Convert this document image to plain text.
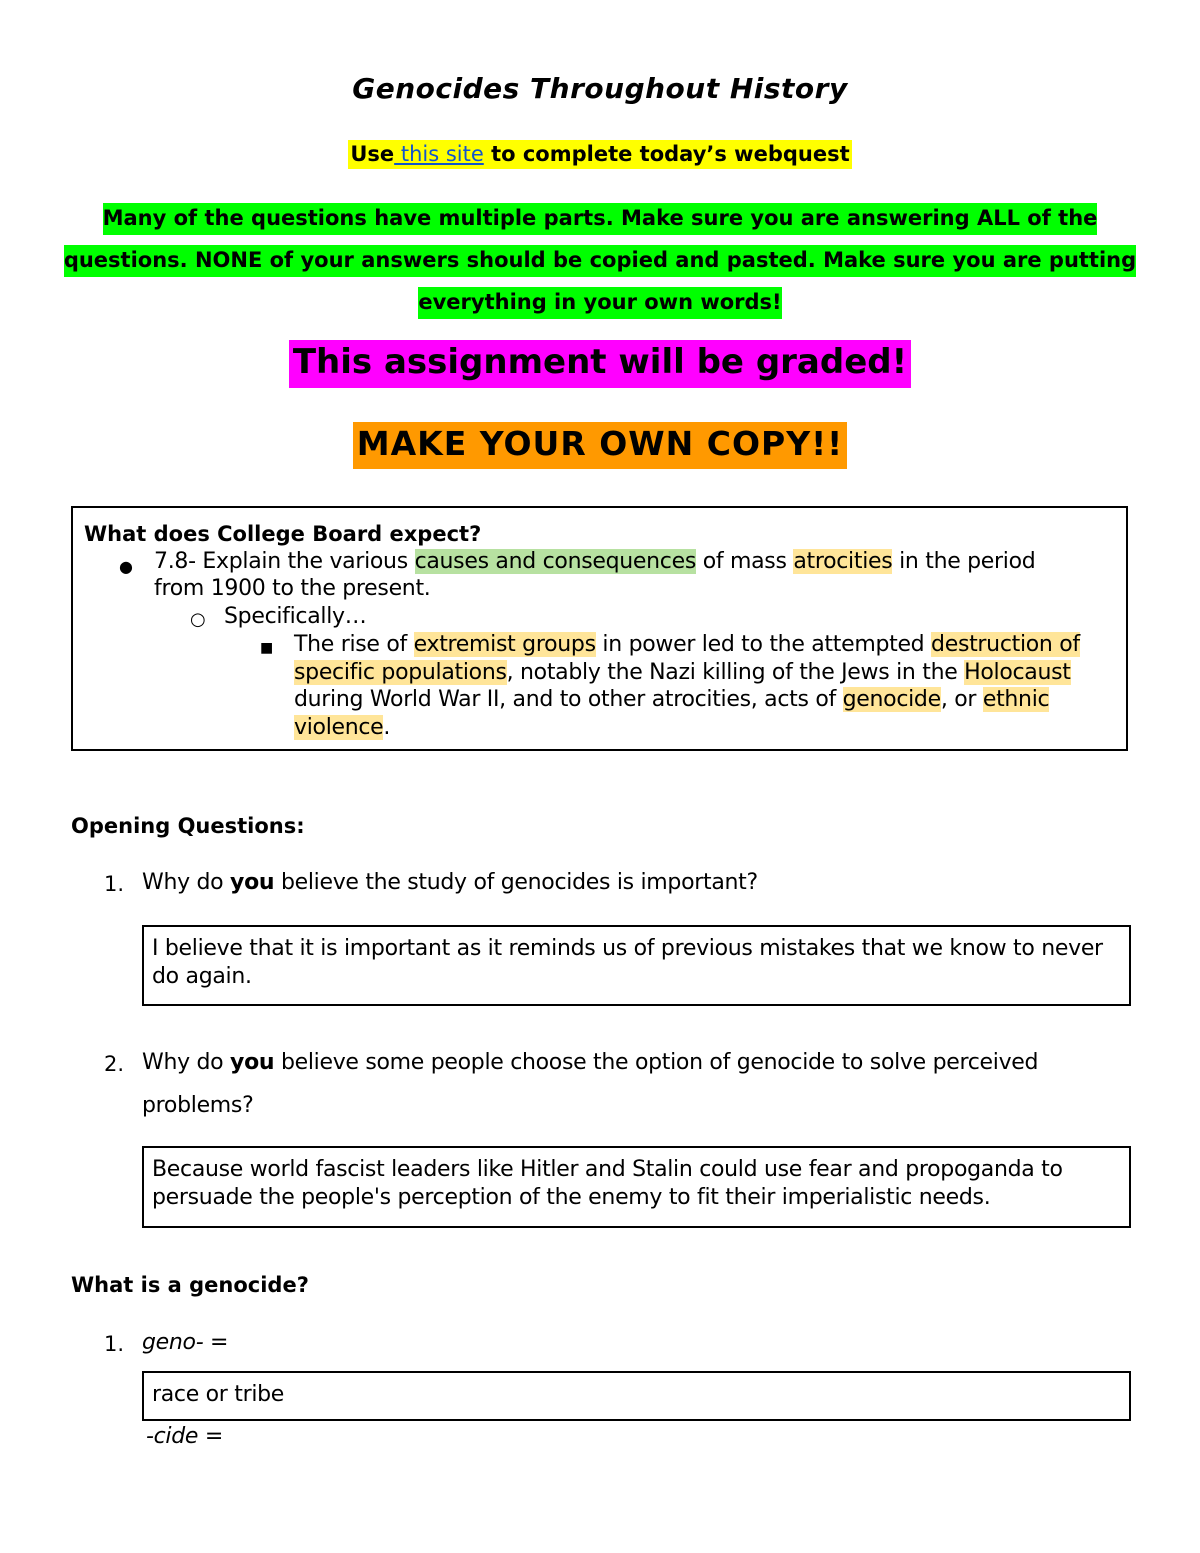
Genocides Throughout History
Use this site to complete today’s webquest
Many of the questions have multiple parts. Make sure you are answering ALL of the
questions. NONE of your answers should be copied and pasted. Make sure you are putting
everything in your own words!
This assignment will be graded!
MAKE YOUR OWN COPY!!
What does College Board expect?
● 7.8- Explain the various causes and consequences of mass atrocities in the period
from 1900 to the present.
○ Specifically…
■ The rise of extremist groups in power led to the attempted destruction of
specific populations, notably the Nazi killing of the Jews in the Holocaust
during World War II, and to other atrocities, acts of genocide, or ethnic
violence.
Opening Questions:
1. Why do you believe the study of genocides is important?
I believe that it is important as it reminds us of previous mistakes that we know to never do again.
2. Why do you believe some people choose the option of genocide to solve perceived
problems?
Because world fascist leaders like Hitler and Stalin could use fear and propoganda to persuade the people's perception of the enemy to fit their imperialistic needs.
What is a genocide?
1. geno- =
race or tribe
-cide =
